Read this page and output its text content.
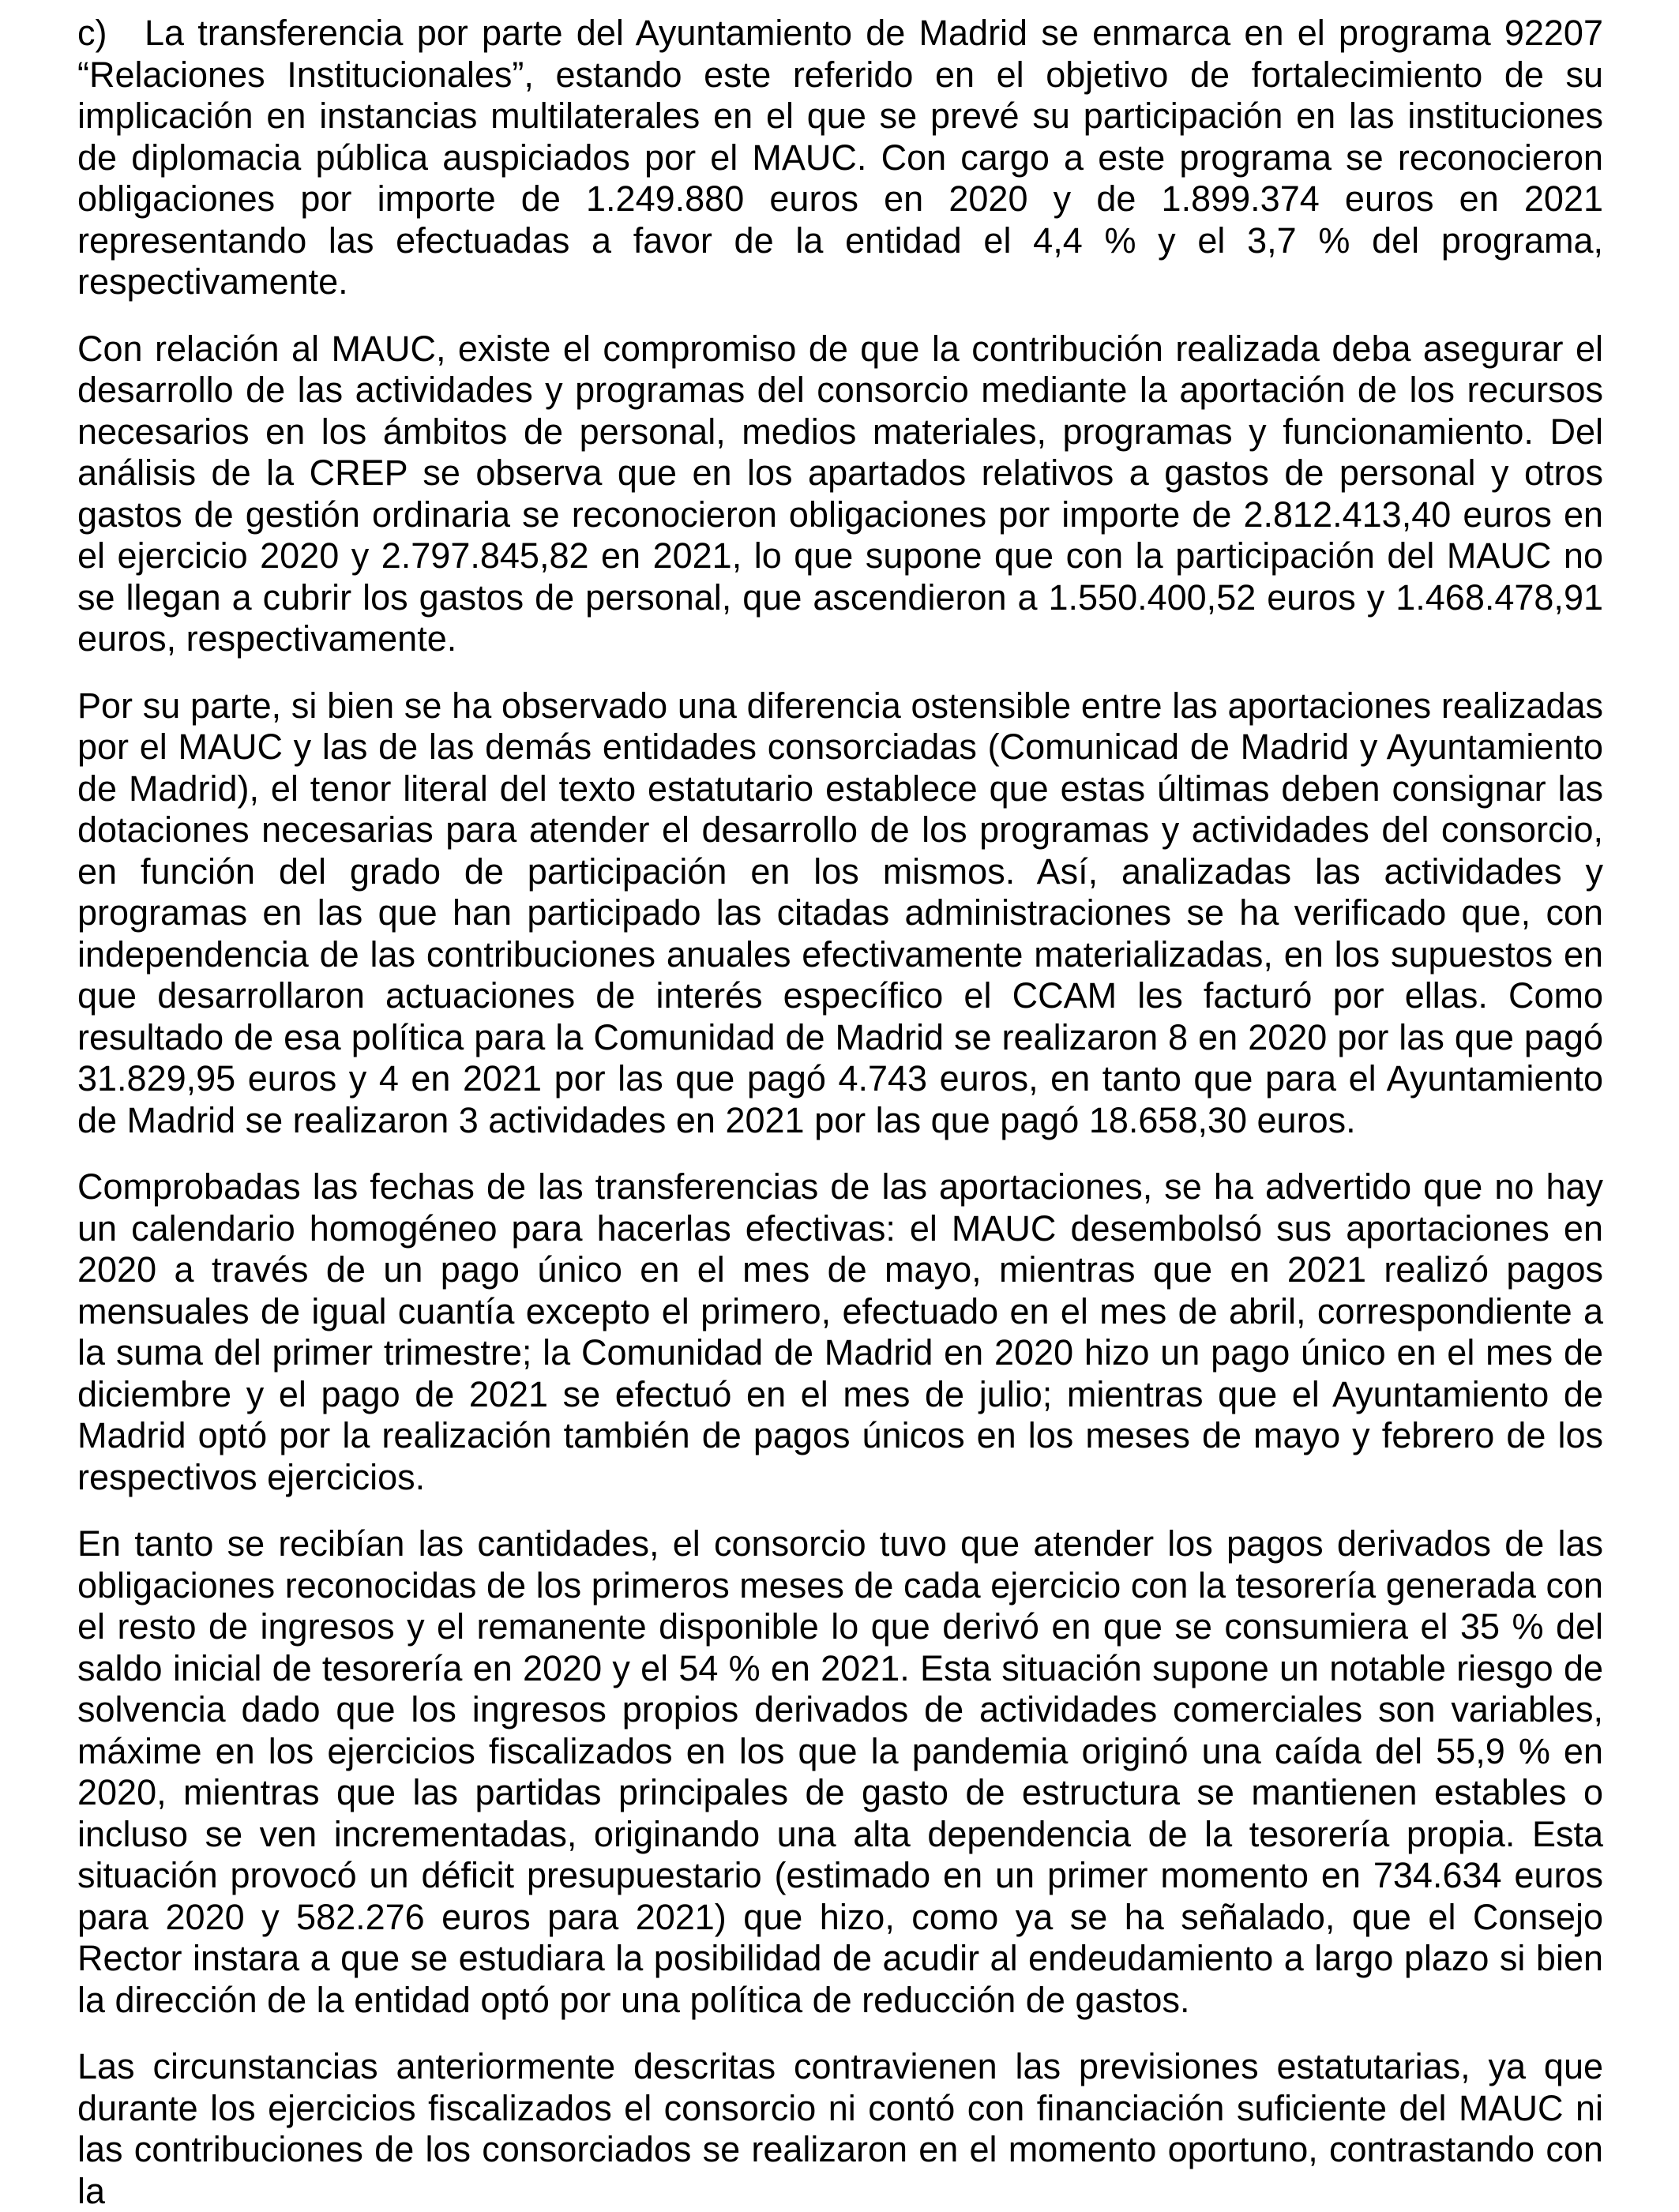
c) La transferencia por parte del Ayuntamiento de Madrid se enmarca en el programa 92207 “Relaciones Institucionales”, estando este referido en el objetivo de fortalecimiento de su implicación en instancias multilaterales en el que se prevé su participación en las instituciones de diplomacia pública auspiciados por el MAUC. Con cargo a este programa se reconocieron obligaciones por importe de 1.249.880 euros en 2020 y de 1.899.374 euros en 2021 representando las efectuadas a favor de la entidad el 4,4 % y el 3,7 % del programa, respectivamente.

Con relación al MAUC, existe el compromiso de que la contribución realizada deba asegurar el desarrollo de las actividades y programas del consorcio mediante la aportación de los recursos necesarios en los ámbitos de personal, medios materiales, programas y funcionamiento. Del análisis de la CREP se observa que en los apartados relativos a gastos de personal y otros gastos de gestión ordinaria se reconocieron obligaciones por importe de 2.812.413,40 euros en el ejercicio 2020 y 2.797.845,82 en 2021, lo que supone que con la participación del MAUC no se llegan a cubrir los gastos de personal, que ascendieron a 1.550.400,52 euros y 1.468.478,91 euros, respectivamente.

Por su parte, si bien se ha observado una diferencia ostensible entre las aportaciones realizadas por el MAUC y las de las demás entidades consorciadas (Comunicad de Madrid y Ayuntamiento de Madrid), el tenor literal del texto estatutario establece que estas últimas deben consignar las dotaciones necesarias para atender el desarrollo de los programas y actividades del consorcio, en función del grado de participación en los mismos. Así, analizadas las actividades y programas en las que han participado las citadas administraciones se ha verificado que, con independencia de las contribuciones anuales efectivamente materializadas, en los supuestos en que desarrollaron actuaciones de interés específico el CCAM les facturó por ellas. Como resultado de esa política para la Comunidad de Madrid se realizaron 8 en 2020 por las que pagó 31.829,95 euros y 4 en 2021 por las que pagó 4.743 euros, en tanto que para el Ayuntamiento de Madrid se realizaron 3 actividades en 2021 por las que pagó 18.658,30 euros.

Comprobadas las fechas de las transferencias de las aportaciones, se ha advertido que no hay un calendario homogéneo para hacerlas efectivas: el MAUC desembolsó sus aportaciones en 2020 a través de un pago único en el mes de mayo, mientras que en 2021 realizó pagos mensuales de igual cuantía excepto el primero, efectuado en el mes de abril, correspondiente a la suma del primer trimestre; la Comunidad de Madrid en 2020 hizo un pago único en el mes de diciembre y el pago de 2021 se efectuó en el mes de julio; mientras que el Ayuntamiento de Madrid optó por la realización también de pagos únicos en los meses de mayo y febrero de los respectivos ejercicios.

En tanto se recibían las cantidades, el consorcio tuvo que atender los pagos derivados de las obligaciones reconocidas de los primeros meses de cada ejercicio con la tesorería generada con el resto de ingresos y el remanente disponible lo que derivó en que se consumiera el 35 % del saldo inicial de tesorería en 2020 y el 54 % en 2021. Esta situación supone un notable riesgo de solvencia dado que los ingresos propios derivados de actividades comerciales son variables, máxime en los ejercicios fiscalizados en los que la pandemia originó una caída del 55,9 % en 2020, mientras que las partidas principales de gasto de estructura se mantienen estables o incluso se ven incrementadas, originando una alta dependencia de la tesorería propia. Esta situación provocó un déficit presupuestario (estimado en un primer momento en 734.634 euros para 2020 y 582.276 euros para 2021) que hizo, como ya se ha señalado, que el Consejo Rector instara a que se estudiara la posibilidad de acudir al endeudamiento a largo plazo si bien la dirección de la entidad optó por una política de reducción de gastos.

Las circunstancias anteriormente descritas contravienen las previsiones estatutarias, ya que durante los ejercicios fiscalizados el consorcio ni contó con financiación suficiente del MAUC ni las contribuciones de los consorciados se realizaron en el momento oportuno, contrastando con la
